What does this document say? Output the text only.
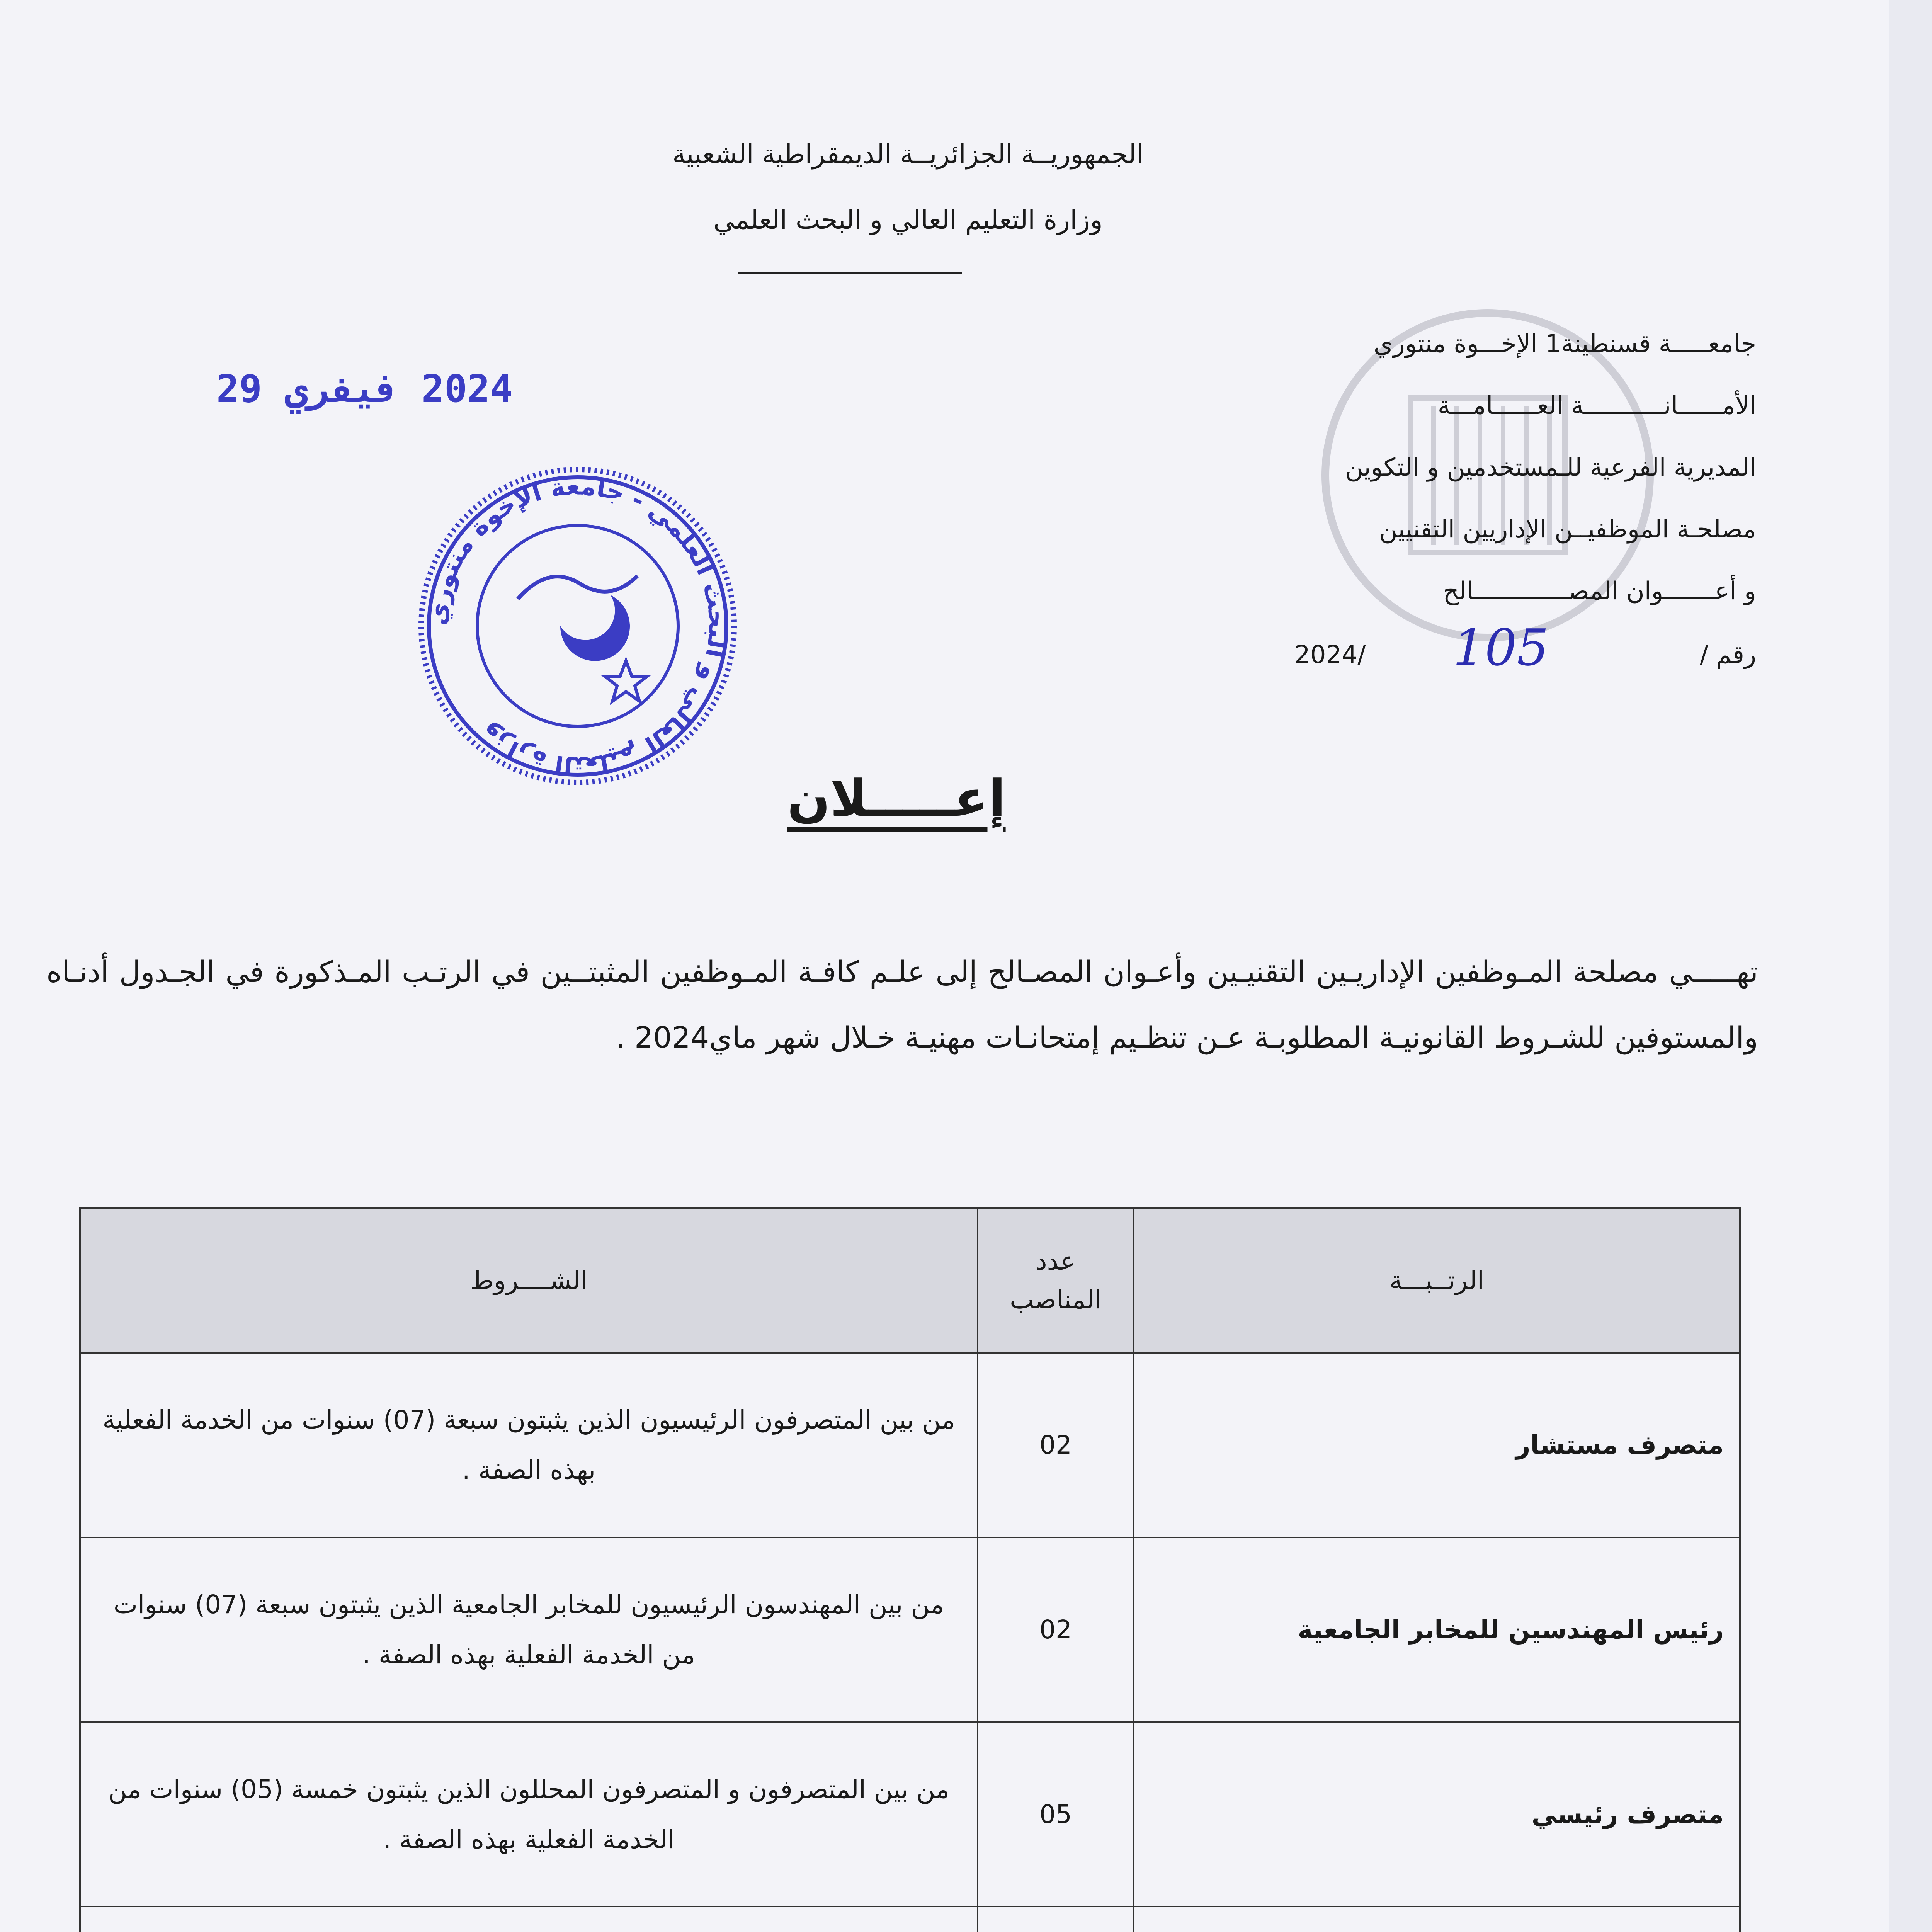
الجمهوريــة الجزائريــة الديمقراطية الشعبية
وزارة التعليم العالي و البحث العلمي
جامعـــــة قسنطينة1 الإخـــوة منتوري
الأمــــــانـــــــــــة العــــــامـــة
المديرية الفرعية للـمستخدمين و التكوين
مصلحـة الموظفيــن الإداريين التقنيين
و أعـــــــوان المصـــــــــــــالح
رقم /
105
2024/
2024 فيفري 29
وزارة التعليم العالي و البحث العلمي - جامعة الإخوة منتوري
إعـــــلان
تهـــــي مصلحة المـوظفين الإداريـين التقنيـين وأعـوان المصـالح إلى علـم كافـة المـوظفين المثبتــين في الرتـب المـذكورة في الجـدول أدنـاه والمستوفين للشـروط القانونيـة المطلوبـة عـن تنظـيم إمتحانـات مهنيـة خـلال شهر ماي2024 .
الرتــبـــة	عدد المناصب	الشــــروط
متصرف مستشار	02	من بين المتصرفون الرئيسيون الذين يثبتون سبعة (07) سنوات من الخدمة الفعلية بهذه الصفة .
رئيس المهندسين للمخابر الجامعية	02	من بين المهندسون الرئيسيون للمخابر الجامعية الذين يثبتون سبعة (07) سنوات من الخدمة الفعلية بهذه الصفة .
متصرف رئيسي	05	من بين المتصرفون و المتصرفون المحللون الذين يثبتون خمسة (05) سنوات من الخدمة الفعلية بهذه الصفة .
